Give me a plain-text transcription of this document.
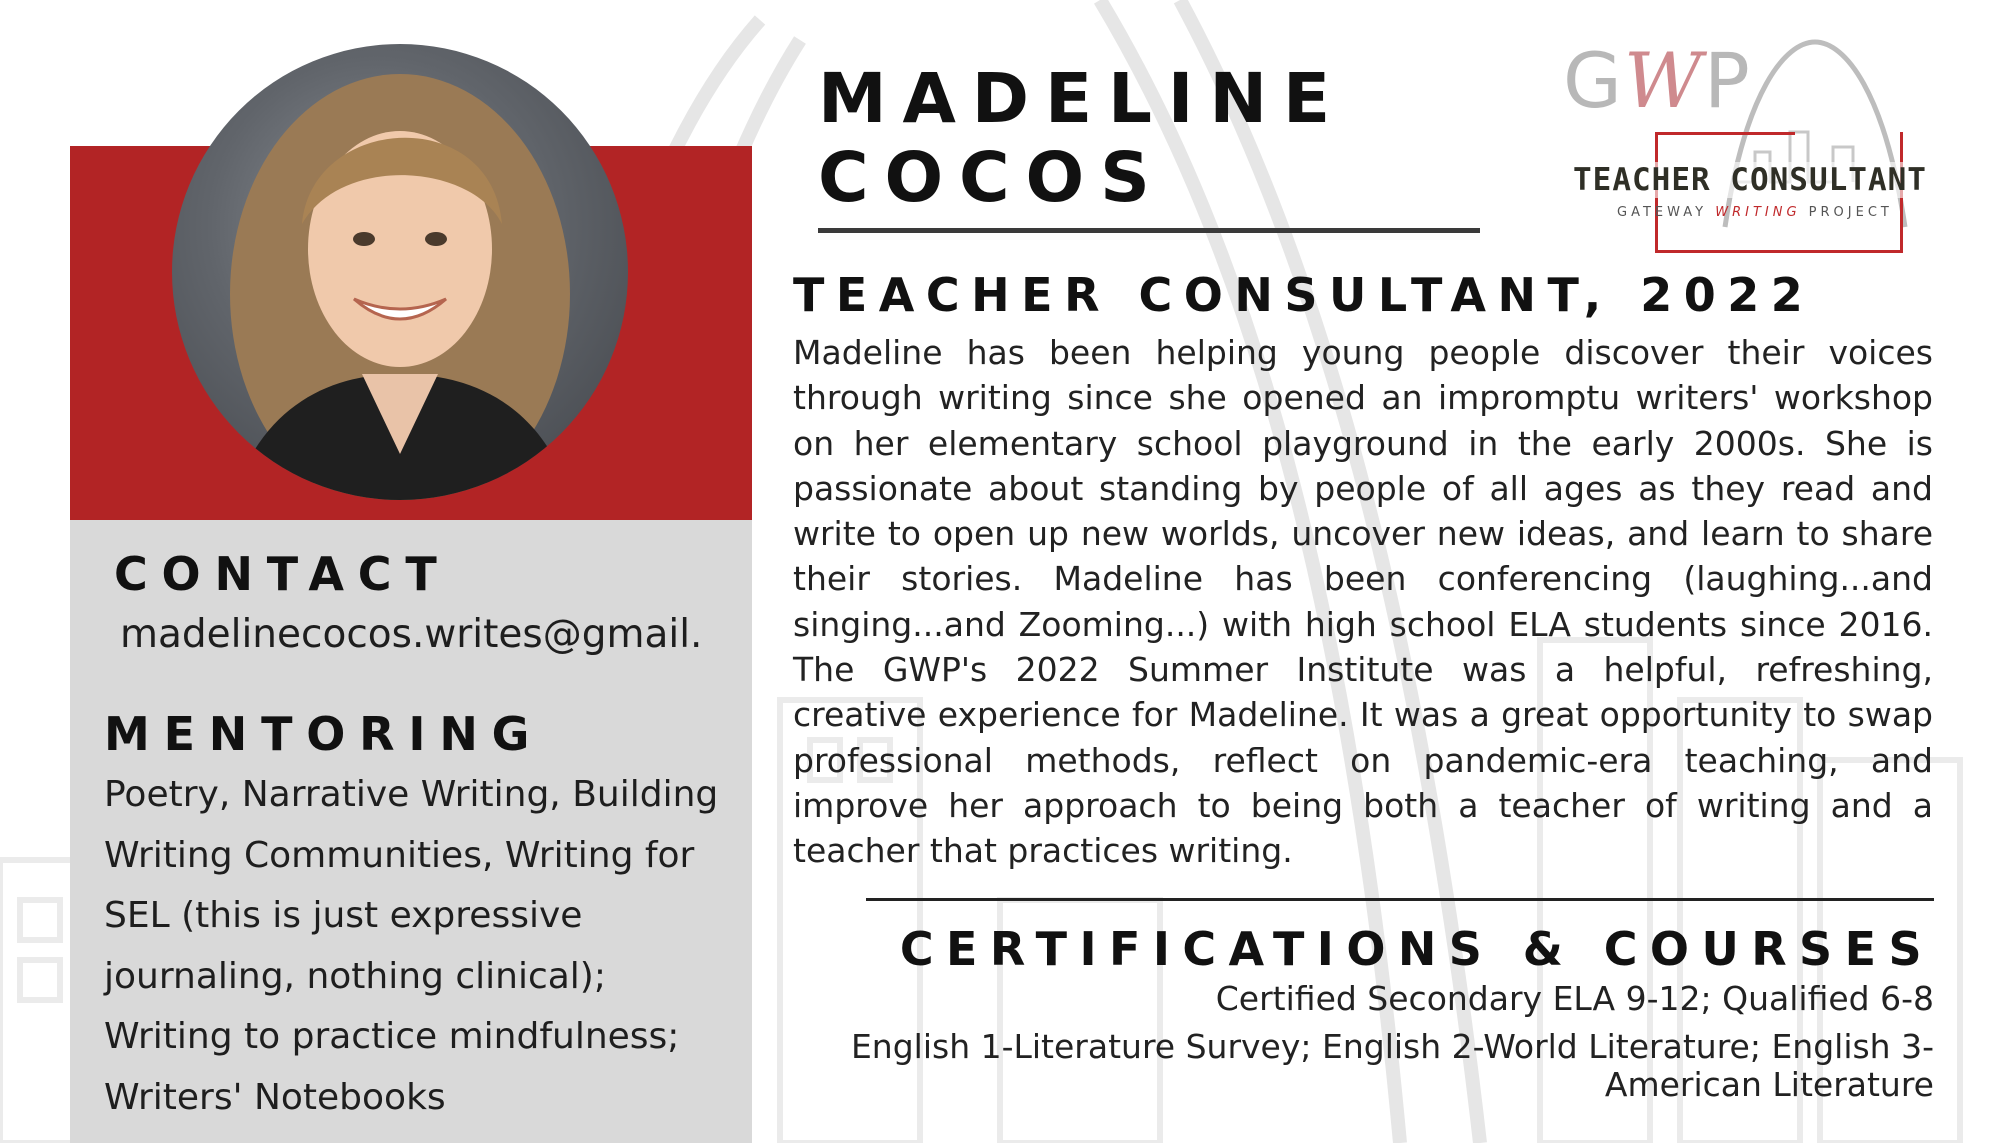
CONTACT
madelinecocos.writes@gmail.
MENTORING
Poetry, Narrative Writing, Building Writing Communities, Writing for SEL (this is just expressive journaling, nothing clinical); Writing to practice mindfulness; Writers' Notebooks
MADELINE
COCOS
TEACHER CONSULTANT, 2022
Madeline has been helping young people discover their voices through writing since she opened an impromptu writers' workshop on her elementary school playground in the early 2000s. She is passionate about standing by people of all ages as they read and write to open up new worlds, uncover new ideas, and learn to share their stories. Madeline has been conferencing (laughing...and singing...and Zooming...) with high school ELA students since 2016. The GWP's 2022 Summer Institute was a helpful, refreshing, creative experience for Madeline. It was a great opportunity to swap professional methods, reflect on pandemic-era teaching, and improve her approach to being both a teacher of writing and a teacher that practices writing.
CERTIFICATIONS & COURSES
Certified Secondary ELA 9-12; Qualified 6-8
English 1-Literature Survey; English 2-World Literature; English 3-American Literature
GWP
TEACHER CONSULTANT
GATEWAY WRITING PROJECT
